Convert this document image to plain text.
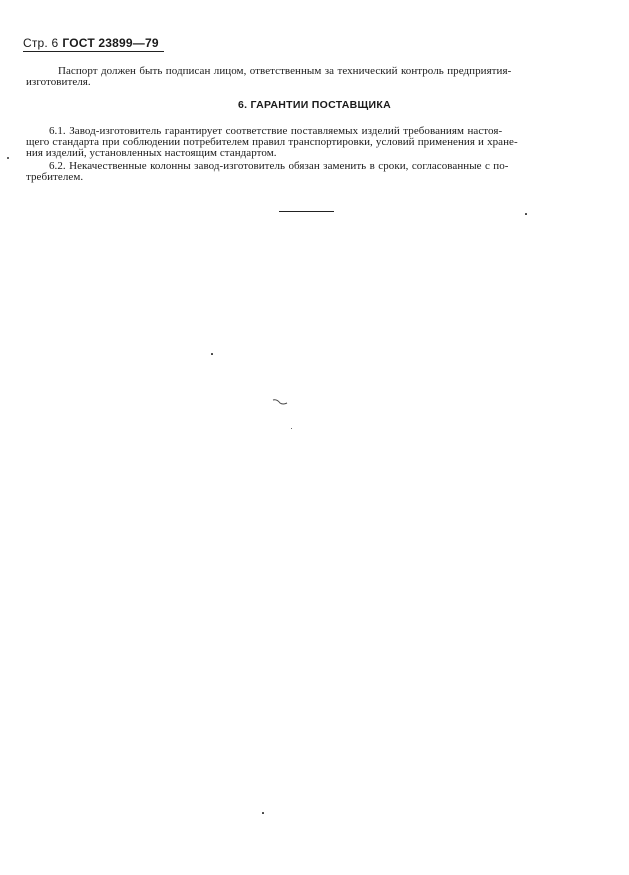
Стр. 6 ГОСТ 23899—79
Паспорт должен быть подписан лицом, ответственным за технический контроль предприятия-
изготовителя.
6. ГАРАНТИИ ПОСТАВЩИКА
6.1. Завод-изготовитель гарантирует соответствие поставляемых изделий требованиям настоя-
щего стандарта при соблюдении потребителем правил транспортировки, условий применения и хране-
ния изделий, установленных настоящим стандартом.
6.2. Некачественные колонны завод-изготовитель обязан заменить в сроки, согласованные с по-
требителем.
